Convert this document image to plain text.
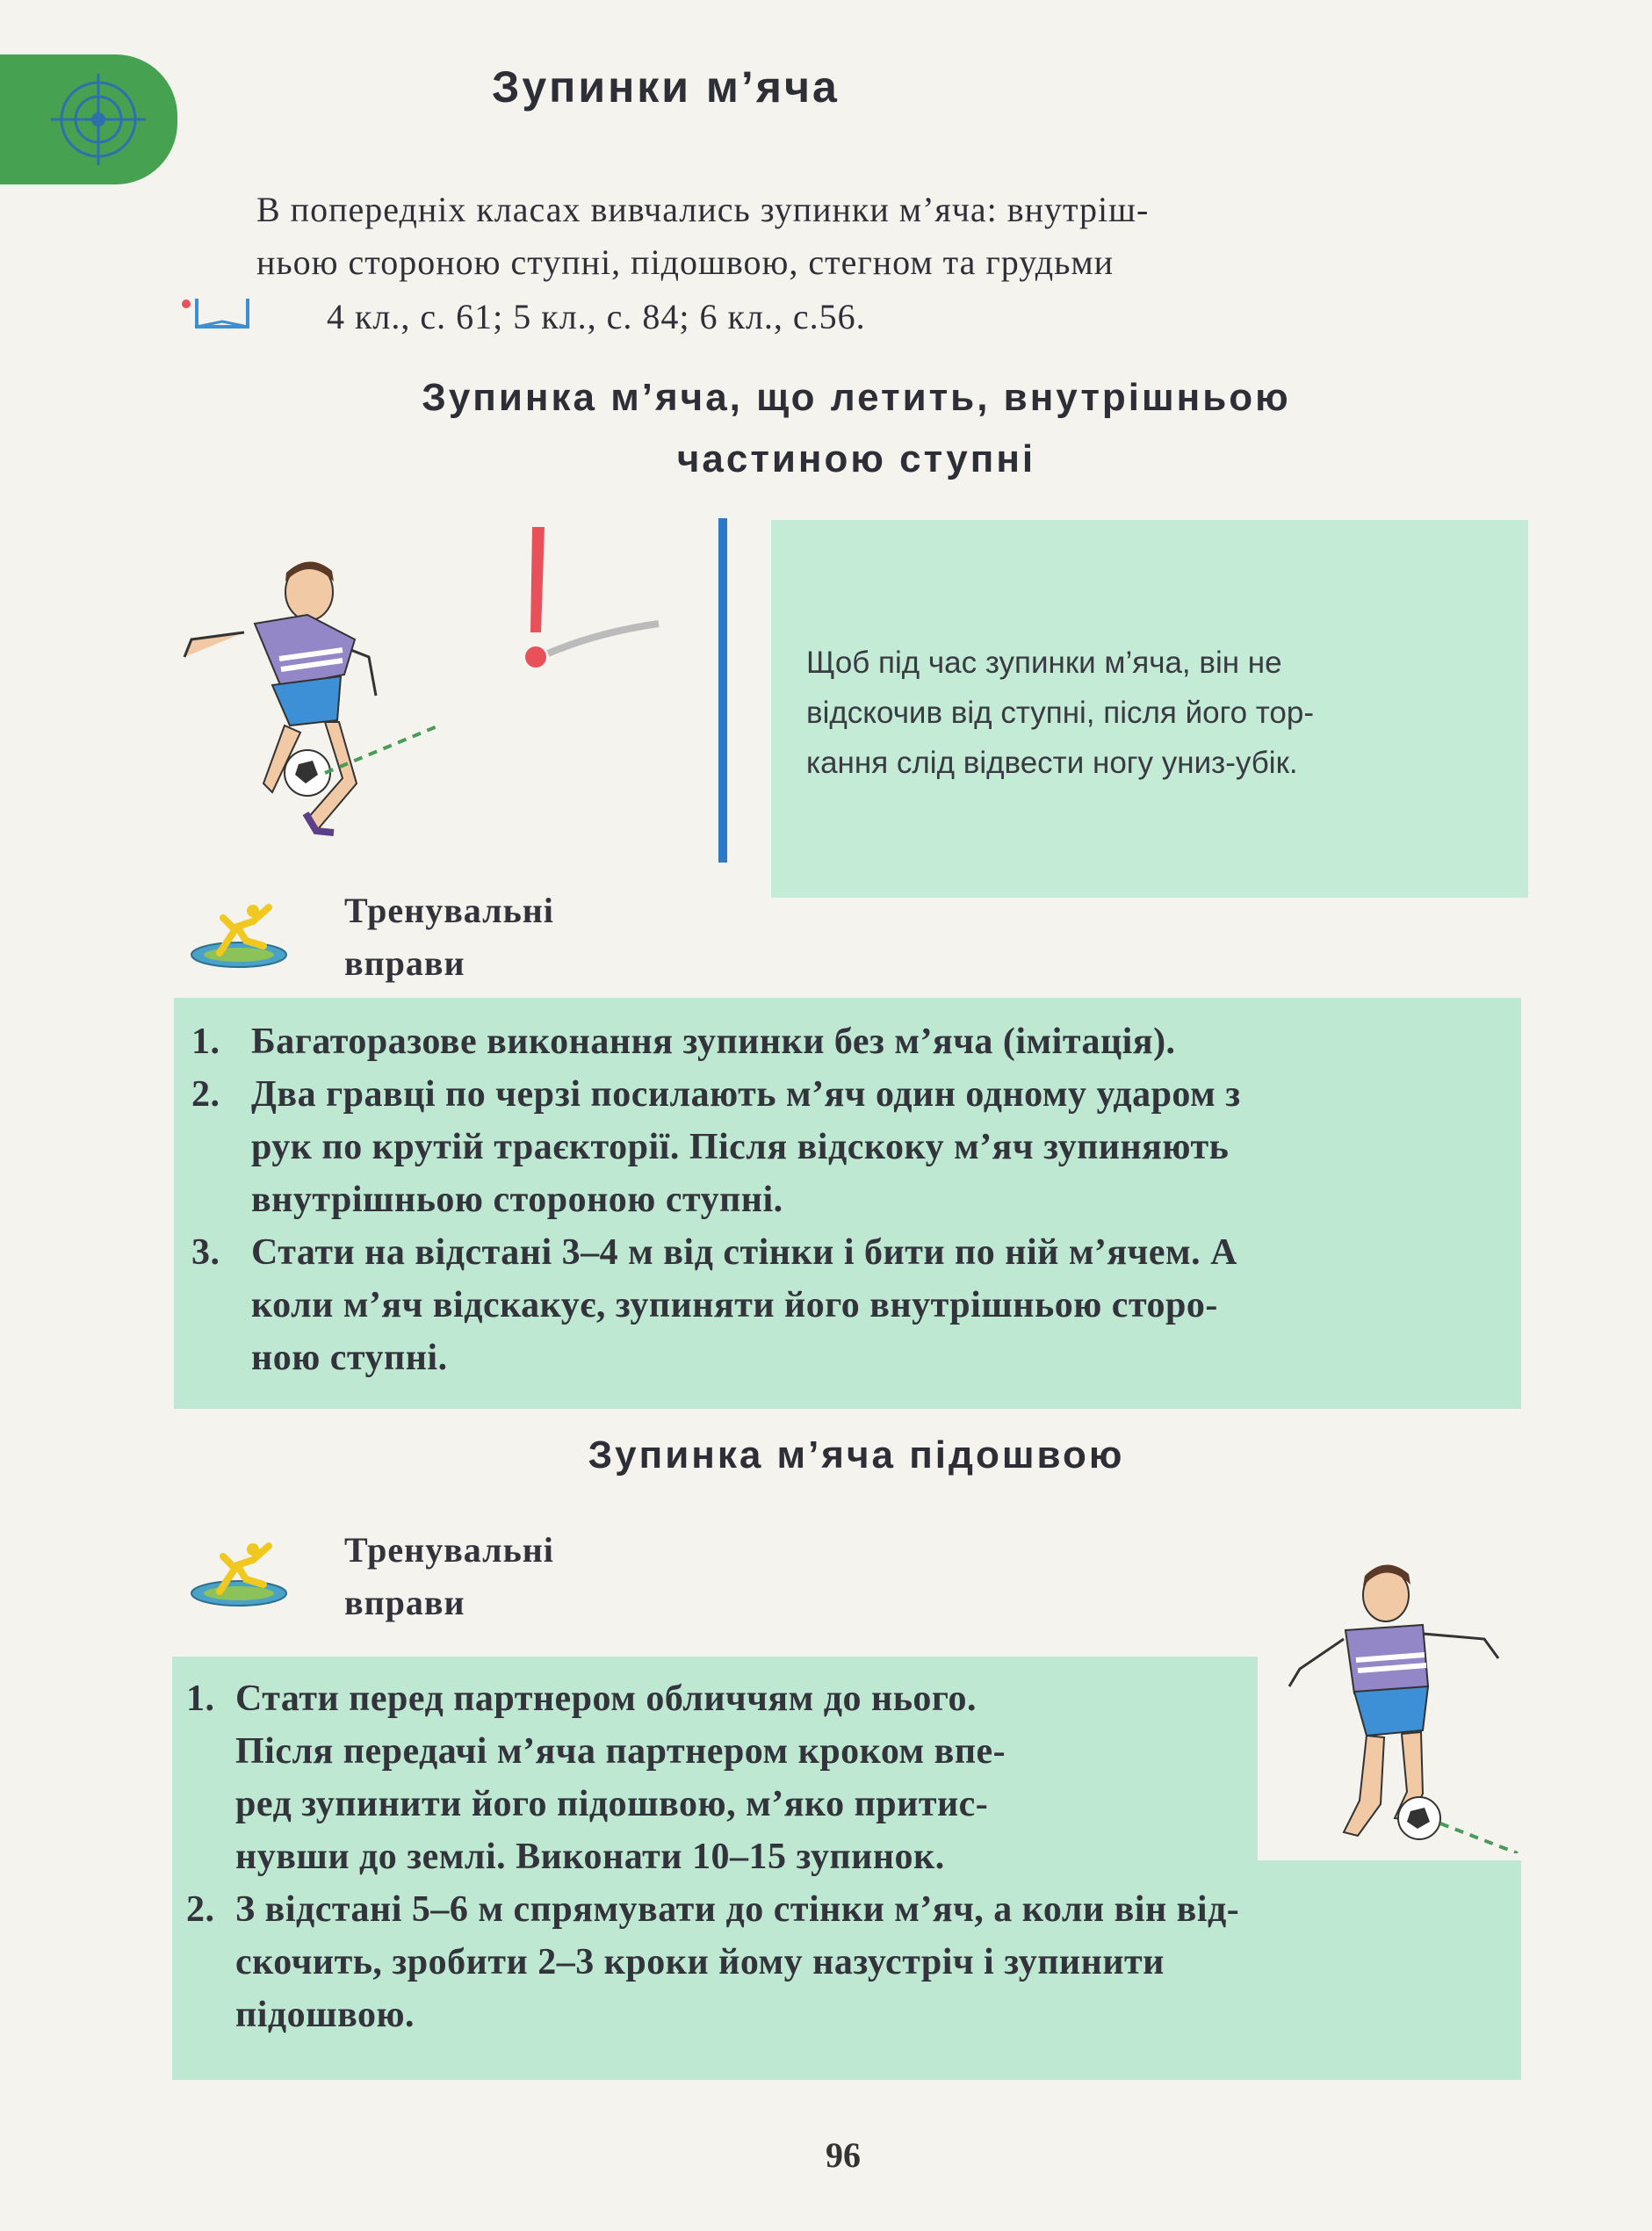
Зупинки м’яча
В попередніх класах вивчались зупинки м’яча: внутріш-
ньою стороною ступні, підошвою, стегном та грудьми
4 кл., с. 61; 5 кл., с. 84; 6 кл., с.56.
Зупинка м’яча, що летить, внутрішньою
частиною ступні
Щоб під час зупинки м’яча, він не
відскочив від ступні, після його тор-
кання слід відвести ногу униз-убік.
Тренувальні
вправи
1. Багаторазове виконання зупинки без м’яча (імітація).
2. Два гравці по черзі посилають м’яч один одному ударом з
рук по крутій траєкторії. Після відскоку м’яч зупиняють
внутрішньою стороною ступні.
3. Стати на відстані 3–4 м від стінки і бити по ній м’ячем. А
коли м’яч відскакує, зупиняти його внутрішньою сторо-
ною ступні.
Зупинка м’яча підошвою
Тренувальні
вправи
1. Стати перед партнером обличчям до нього.
Після передачі м’яча партнером кроком впе-
ред зупинити його підошвою, м’яко притис-
нувши до землі. Виконати 10–15 зупинок.
2. З відстані 5–6 м спрямувати до стінки м’яч, а коли він від-
скочить, зробити 2–3 кроки йому назустріч і зупинити
підошвою.
96
